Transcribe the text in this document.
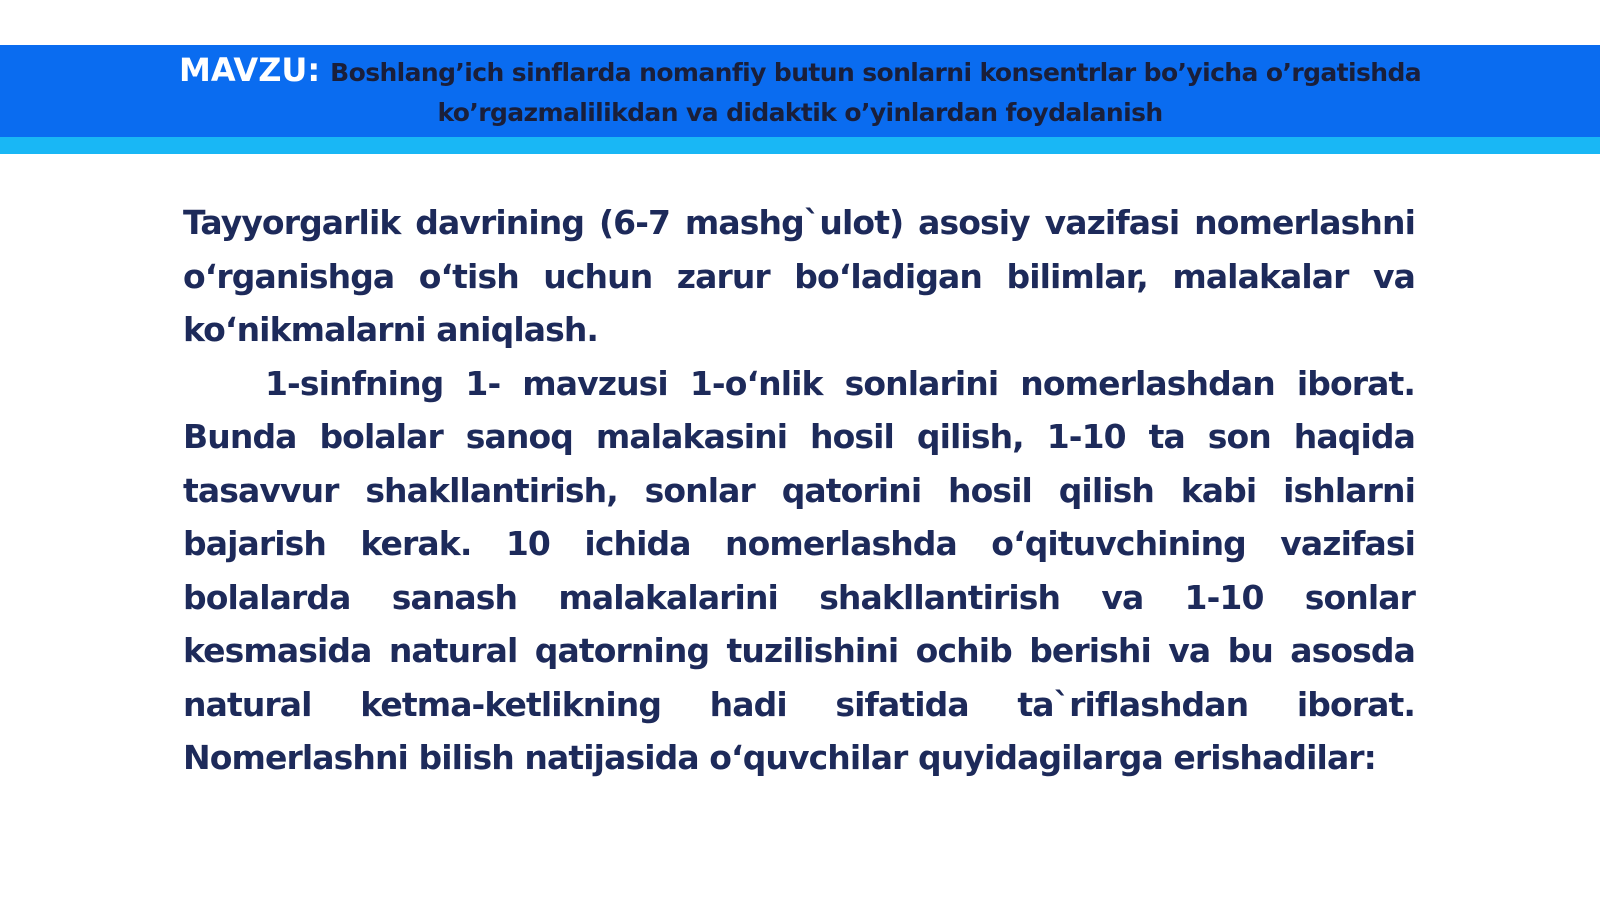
MAVZU: Boshlang’ich sinflarda nomanfiy butun sonlarni konsentrlar bo’yicha o’rgatishda
ko’rgazmalilikdan va didaktik o’yinlardan foydalanish

Tayyorgarlik davrining (6-7 mashg`ulot) asosiy vazifasi nomerlashni o‘rganishga o‘tish uchun zarur bo‘ladigan bilimlar, malakalar va ko‘nikmalarni aniqlash.

1-sinfning 1- mavzusi 1-o‘nlik sonlarini nomerlashdan iborat. Bunda bolalar sanoq malakasini hosil qilish, 1-10 ta son haqida tasavvur shakllantirish, sonlar qatorini hosil qilish kabi ishlarni bajarish kerak. 10 ichida nomerlashda o‘qituvchining vazifasi bolalarda sanash malakalarini shakllantirish va 1-10 sonlar kesmasida natural qatorning tuzilishini ochib berishi va bu asosda natural ketma-ketlikning hadi sifatida ta`riflashdan iborat. Nomerlashni bilish natijasida o‘quvchilar quyidagilarga erishadilar:
